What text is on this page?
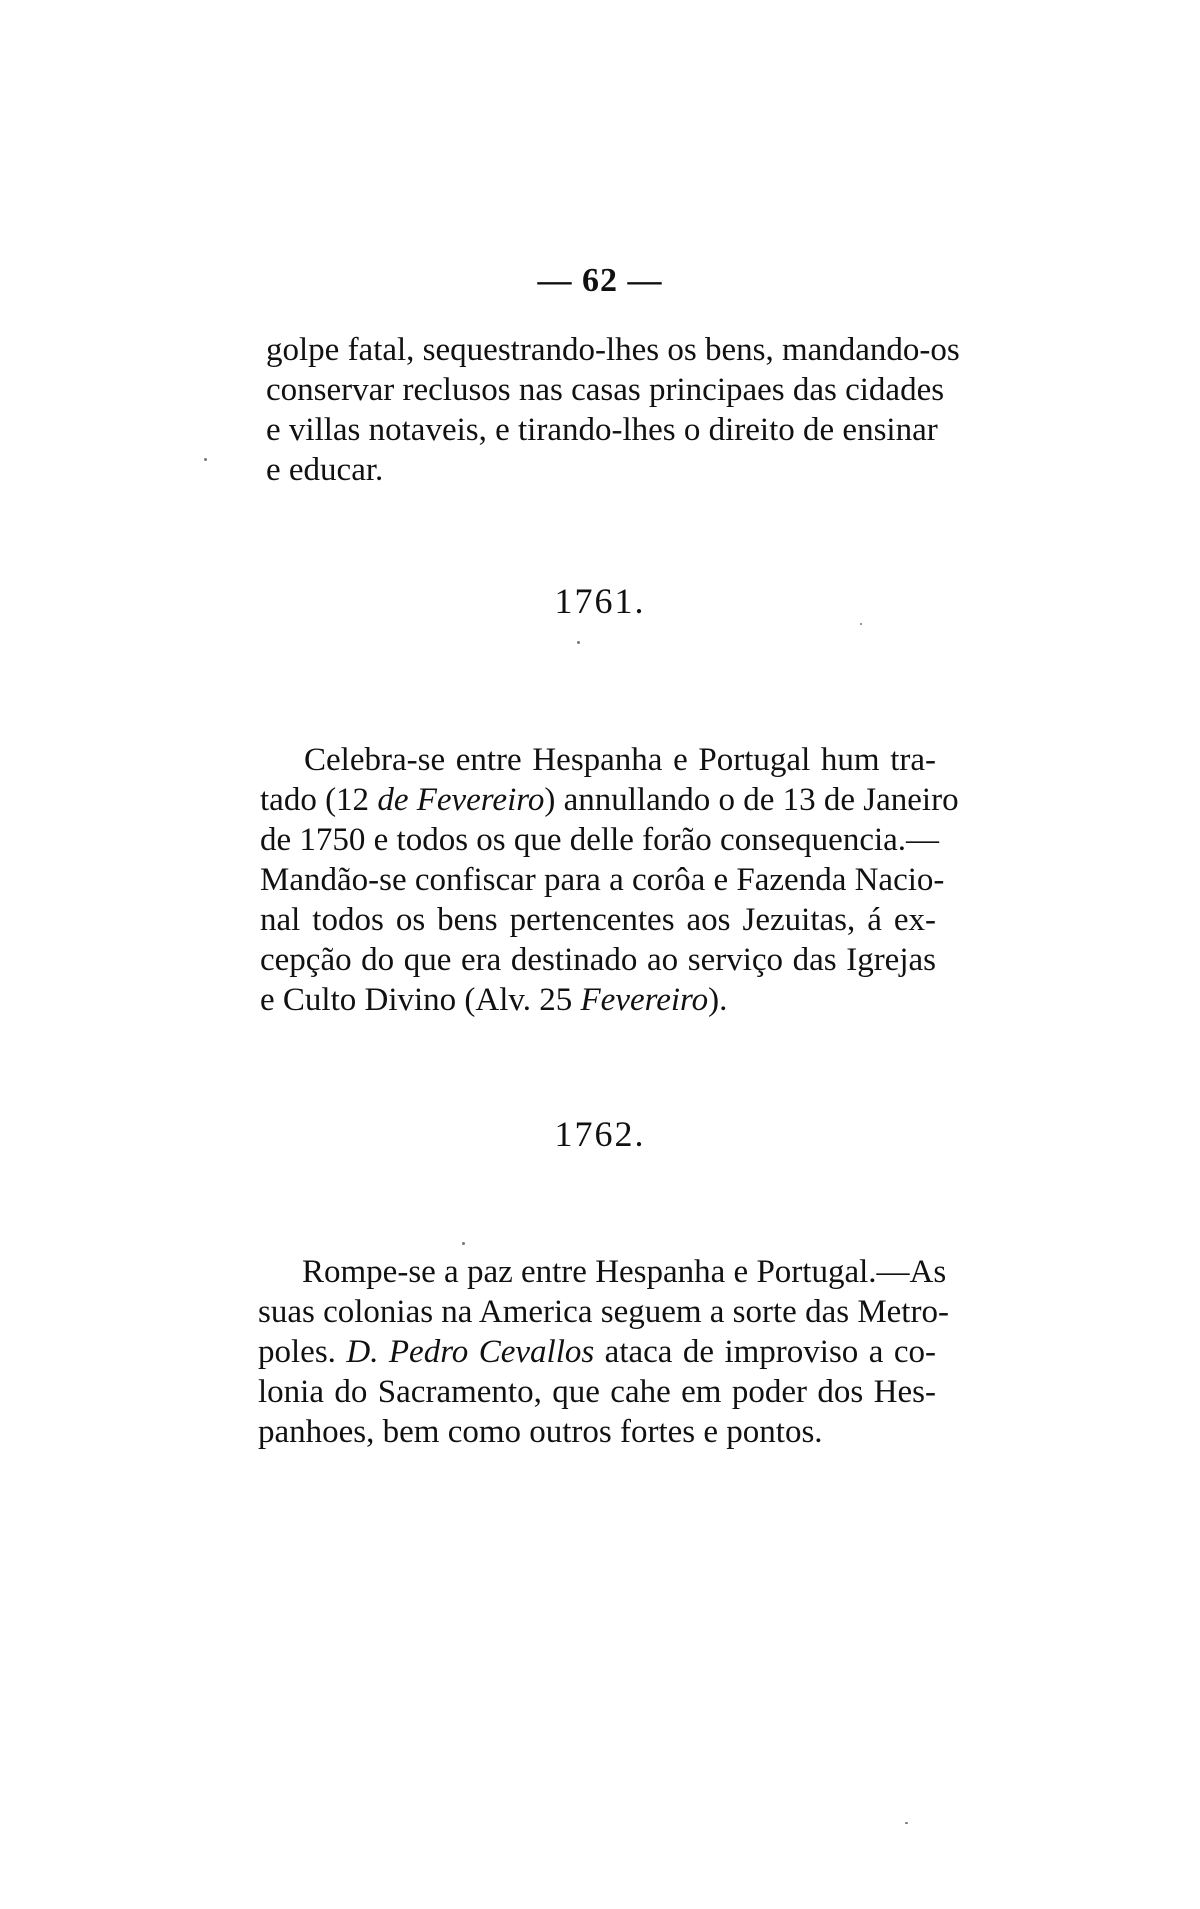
— 62 —
golpe fatal, sequestrando-lhes os bens, mandando-os
conservar reclusos nas casas principaes das cidades
e villas notaveis, e tirando-lhes o direito de ensinar
e educar.
1761.
Celebra-se entre Hespanha e Portugal hum tra-
tado (12 de Fevereiro) annullando o de 13 de Janeiro
de 1750 e todos os que delle forão consequencia.—
Mandão-se confiscar para a corôa e Fazenda Nacio-
nal todos os bens pertencentes aos Jezuitas, á ex-
cepção do que era destinado ao serviço das Igrejas
e Culto Divino (Alv. 25 Fevereiro).
1762.
Rompe-se a paz entre Hespanha e Portugal.—As
suas colonias na America seguem a sorte das Metro-
poles. D. Pedro Cevallos ataca de improviso a co-
lonia do Sacramento, que cahe em poder dos Hes-
panhoes, bem como outros fortes e pontos.
